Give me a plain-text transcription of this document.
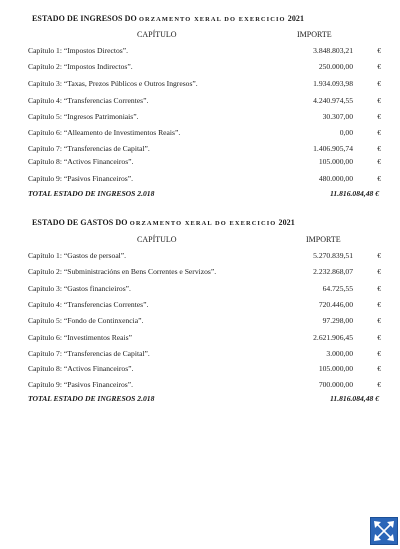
ESTADO DE INGRESOS DO ORZAMENTO XERAL DO EXERCICIO 2021
CAPÍTULO	IMPORTE
Capítulo 1: “Impostos Directos”.	3.848.803,21	€
Capítulo 2: “Impostos Indirectos”.	250.000,00	€
Capítulo 3: “Taxas, Prezos Públicos e Outros Ingresos”.	1.934.093,98	€
Capítulo 4: “Transferencias Correntes”.	4.240.974,55	€
Capítulo 5: “Ingresos Patrimoniais”.	30.307,00	€
Capítulo 6: “Alleamento de Investimentos Reais”.	0,00	€
Capítulo 7: “Transferencias de Capital”.	1.406.905,74	€
Capítulo 8: “Activos Financeiros”.	105.000,00	€
Capítulo 9: “Pasivos Financeiros”.	480.000,00	€
TOTAL ESTADO DE INGRESOS 2.018	11.816.084,48 €
ESTADO DE GASTOS DO ORZAMENTO XERAL DO EXERCICIO 2021
CAPÍTULO	IMPORTE
Capítulo 1: “Gastos de persoal”.	5.270.839,51	€
Capítulo 2: “Subministracións en Bens Correntes e Servizos”.	2.232.868,07	€
Capítulo 3: “Gastos financieiros”.	64.725,55	€
Capítulo 4: “Transferencias Correntes”.	720.446,00	€
Capítulo 5: “Fondo de Continxencia”.	97.298,00	€
Capítulo 6: “Investimentos Reais”	2.621.906,45	€
Capítulo 7: “Transferencias de Capital”.	3.000,00	€
Capítulo 8: “Activos Financeiros”.	105.000,00	€
Capítulo 9: “Pasivos Financeiros”.	700.000,00	€
TOTAL ESTADO DE INGRESOS 2.018	11.816.084,48 €
